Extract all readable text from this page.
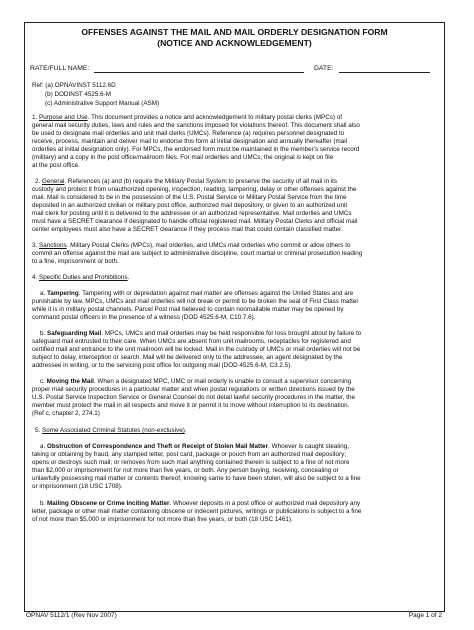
OFFENSES AGAINST THE MAIL AND MAIL ORDERLY DESIGNATION FORM
(NOTICE AND ACKNOWLEDGEMENT)
RATE/FULL NAME:	DATE:
Ref: (a) OPNAVINST 5112.6D
(b) DODINST 4525.6-M
(c) Administrative Support Manual (ASM)
1. Purpose and Use. This document provides a notice and acknowledgement to military postal clerks (MPCs) of
general mail security duties, laws and rules and the sanctions imposed for violations thereof. This document shall also
be used to designate mail orderlies and unit mail clerks (UMCs). Reference (a) requires personnel designated to
receive, process, maintain and deliver mail to endorse this form at initial designation and annually thereafter (mail
orderlies at initial designation only). For MPCs, the endorsed form must be maintained in the member's service record
(military) and a copy in the post office/mailroom files. For mail orderlies and UMCs, the original is kept on file
at the post office.
2. General. References (a) and (b) require the Military Postal System to preserve the security of all mail in its
custody and protect it from unauthorized opening, inspection, reading, tampering, delay or other offenses against the
mail. Mail is considered to be in the possession of the U.S. Postal Service or Military Postal Service from the time
deposited in an authorized civilian or military post office, authorized mail depository, or given to an authorized unit
mail clerk for posting until it is delivered to the addressee or an authorized representative. Mail orderlies and UMCs
must have a SECRET clearance if designated to handle official registered mail. Military Postal Clerks and official mail
center employees must also have a SECRET clearance if they process mail that could contain classified matter.
3. Sanctions. Military Postal Clerks (MPCs), mail orderlies, and UMCs mail orderlies who commit or allow others to
commit an offense against the mail are subject to administrative discipline, court martial or criminal prosecution leading
to a fine, imprisonment or both.
4. Specific Duties and Prohibitions.
a. Tampering. Tampering with or depredation against mail matter are offenses against the United States and are
punishable by law. MPCs, UMCs and mail orderlies will not break or permit to be broken the seal of First Class matter
while it is in military postal channels. Parcel Post mail believed to contain nonmailable matter may be opened by
command postal officers in the presence of a witness (DOD 4525.6-M, C10.7.6).
b. Safeguarding Mail. MPCs, UMCs and mail orderlies may be held responsible for loss brought about by failure to
safeguard mail entrusted to their care. When UMCs are absent from unit mailrooms, receptacles for registered and
certified mail and entrance to the unit mailroom will be locked. Mail in the custody of UMCs or mail orderlies will not be
subject to delay, interception or search. Mail will be delivered only to the addressee, an agent designated by the
addressee in writing, or to the servicing post office for outgoing mail (DOD 4525.6-M, C3.2.5).
c. Moving the Mail. When a designated MPC, UMC or mail orderly is unable to consult a supervisor concerning
proper mail security procedures in a particular matter and when postal regulations or written directions issued by the
U.S. Postal Service Inspection Service or General Counsel do not detail lawful security procedures in the matter, the
member must protect the mail in all respects and move it or permit it to move without interruption to its destination.
(Ref c, chapter 2, 274.1)
5. Some Associated Criminal Statutes (non-exclusive).
a. Obstruction of Correspondence and Theft or Receipt of Stolen Mail Matter. Whoever is caught stealing,
taking or obtaining by fraud, any stamped letter, post card, package or pouch from an authorized mail depository;
opens or destroys such mail; or removes from such mail anything contained therein is subject to a fine of not more
than $2,000 or imprisonment for not more than five years, or both. Any person buying, receiving, concealing or
unlawfully possessing mail matter or contents thereof, knowing same to have been stolen, will also be subject to a fine
or imprisonment (18 USC 1708).
b. Mailing Obscene or Crime Inciting Matter. Whoever deposits in a post office or authorized mail depository any
letter, package or other mail matter containing obscene or indecent pictures, writings or publications is subject to a fine
of not more than $5,000 or imprisonment for not more than five years, or both (18 USC 1461).
OPNAV 5112/1 (Rev Nov 2007)	Page 1 of 2
